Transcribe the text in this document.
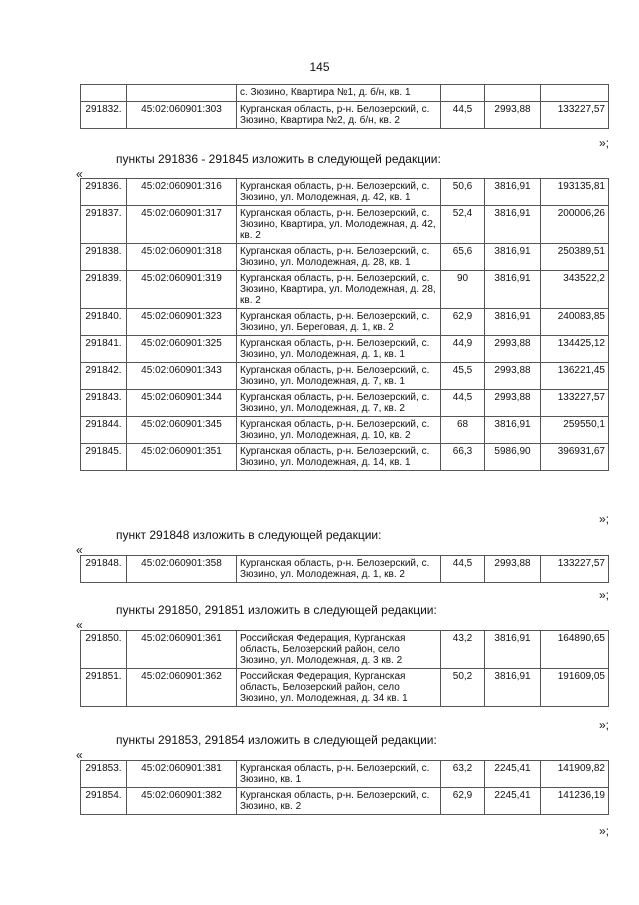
145
		с. Зюзино, Квартира №1, д. б/н, кв. 1			
291832.	45:02:060901:303	Курганская область, р-н. Белозерский, с. Зюзино, Квартира №2, д. б/н, кв. 2	44,5	2993,88	133227,57
»;
пункты 291836 - 291845 изложить в следующей редакции:
«
291836.	45:02:060901:316	Курганская область, р-н. Белозерский, с. Зюзино, ул. Молодежная, д. 42, кв. 1	50,6	3816,91	193135,81
291837.	45:02:060901:317	Курганская область, р-н. Белозерский, с. Зюзино, Квартира, ул. Молодежная, д. 42, кв. 2	52,4	3816,91	200006,26
291838.	45:02:060901:318	Курганская область, р-н. Белозерский, с. Зюзино, ул. Молодежная, д. 28, кв. 1	65,6	3816,91	250389,51
291839.	45:02:060901:319	Курганская область, р-н. Белозерский, с. Зюзино, Квартира, ул. Молодежная, д. 28, кв. 2	90	3816,91	343522,2
291840.	45:02:060901:323	Курганская область, р-н. Белозерский, с. Зюзино, ул. Береговая, д. 1, кв. 2	62,9	3816,91	240083,85
291841.	45:02:060901:325	Курганская область, р-н. Белозерский, с. Зюзино, ул. Молодежная, д. 1, кв. 1	44,9	2993,88	134425,12
291842.	45:02:060901:343	Курганская область, р-н. Белозерский, с. Зюзино, ул. Молодежная, д. 7, кв. 1	45,5	2993,88	136221,45
291843.	45:02:060901:344	Курганская область, р-н. Белозерский, с. Зюзино, ул. Молодежная, д. 7, кв. 2	44,5	2993,88	133227,57
291844.	45:02:060901:345	Курганская область, р-н. Белозерский, с. Зюзино, ул. Молодежная, д. 10, кв. 2	68	3816,91	259550,1
291845.	45:02:060901:351	Курганская область, р-н. Белозерский, с. Зюзино, ул. Молодежная, д. 14, кв. 1	66,3	5986,90	396931,67
»;
пункт 291848 изложить в следующей редакции:
«
291848.	45:02:060901:358	Курганская область, р-н. Белозерский, с. Зюзино, ул. Молодежная, д. 1, кв. 2	44,5	2993,88	133227,57
»;
пункты 291850, 291851 изложить в следующей редакции:
«
291850.	45:02:060901:361	Российская Федерация, Курганская область, Белозерский район, село Зюзино, ул. Молодежная, д. 3 кв. 2	43,2	3816,91	164890,65
291851.	45:02:060901:362	Российская Федерация, Курганская область, Белозерский район, село Зюзино, ул. Молодежная, д. 34 кв. 1	50,2	3816,91	191609,05
»;
пункты 291853, 291854 изложить в следующей редакции:
«
291853.	45:02:060901:381	Курганская область, р-н. Белозерский, с. Зюзино, кв. 1	63,2	2245,41	141909,82
291854.	45:02:060901:382	Курганская область, р-н. Белозерский, с. Зюзино, кв. 2	62,9	2245,41	141236,19
»;
